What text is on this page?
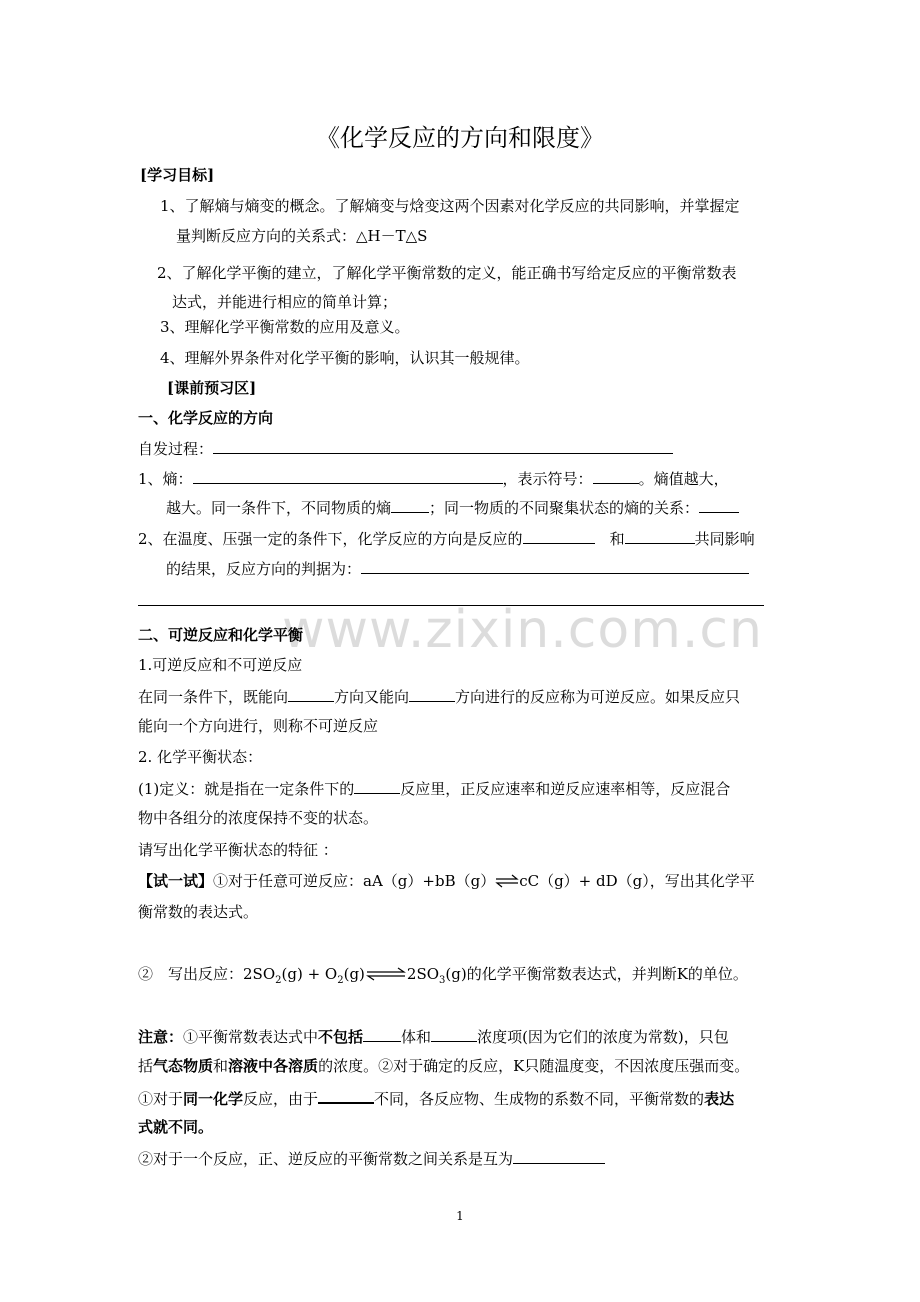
《化学反应的方向和限度》
[学习目标]
1、了解熵与熵变的概念。了解熵变与焓变这两个因素对化学反应的共同影响，并掌握定
量判断反应方向的关系式：△H－T△S
2、了解化学平衡的建立，了解化学平衡常数的定义，能正确书写给定反应的平衡常数表
达式，并能进行相应的简单计算；
3、理解化学平衡常数的应用及意义。
4、理解外界条件对化学平衡的影响，认识其一般规律。
[课前预习区]
一、化学反应的方向
自发过程：
1、熵：	，表示符号：	。熵值越大，
越大。同一条件下，不同物质的熵	；同一物质的不同聚集状态的熵的关系：
2、在温度、压强一定的条件下，化学反应的方向是反应的　	和	共同影响
的结果，反应方向的判据为：
www.zixin.com.cn
二、可逆反应和化学平衡
1.可逆反应和不可逆反应
在同一条件下，既能向	方向又能向	方向进行的反应称为可逆反应。如果反应只
能向一个方向进行，则称不可逆反应
2. 化学平衡状态：
(1)定义：就是指在一定条件下的	反应里，正反应速率和逆反应速率相等，反应混合
物中各组分的浓度保持不变的状态。
请写出化学平衡状态的特征 ：
【试一试】①对于任意可逆反应：aA（g）+bB（g）⇌cC（g）+ dD（g），写出其化学平
衡常数的表达式。
②　写出反应：$2SO_2(g)$ + $O_2(g)\rightleftharpoons 2SO_3(g)$的化学平衡常数表达式，并判断K的单位。
注意：①平衡常数表达式中不包括	体和	浓度项(因为它们的浓度为常数)，只包
括气态物质和溶液中各溶质的浓度。②对于确定的反应，K只随温度变，不因浓度压强而变。
①对于同一化学反应，由于	不同，各反应物、生成物的系数不同，平衡常数的表达
式就不同。
②对于一个反应，正、逆反应的平衡常数之间关系是互为
1
